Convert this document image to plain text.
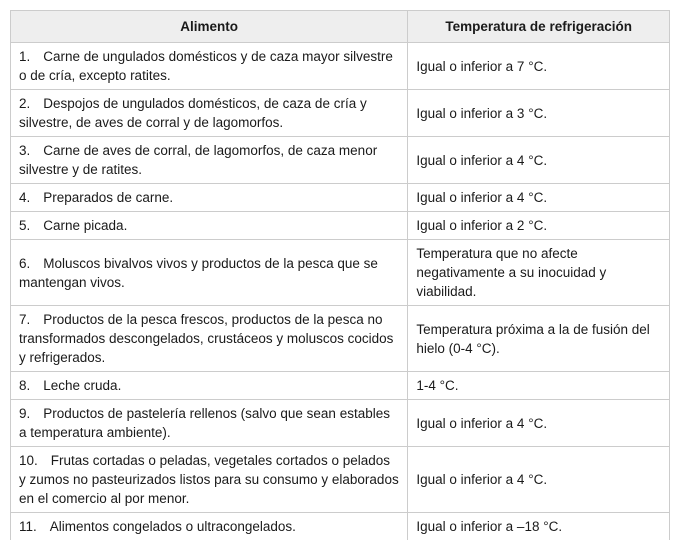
Alimento	Temperatura de refrigeración
1. Carne de ungulados domésticos y de caza mayor silvestre o de cría, excepto ratites.	Igual o inferior a 7 °C.
2. Despojos de ungulados domésticos, de caza de cría y silvestre, de aves de corral y de lagomorfos.	Igual o inferior a 3 °C.
3. Carne de aves de corral, de lagomorfos, de caza menor silvestre y de ratites.	Igual o inferior a 4 °C.
4. Preparados de carne.	Igual o inferior a 4 °C.
5. Carne picada.	Igual o inferior a 2 °C.
6. Moluscos bivalvos vivos y productos de la pesca que se mantengan vivos.	Temperatura que no afecte negativamente a su inocuidad y viabilidad.
7. Productos de la pesca frescos, productos de la pesca no transformados descongelados, crustáceos y moluscos cocidos y refrigerados.	Temperatura próxima a la de fusión del hielo (0-4 °C).
8. Leche cruda.	1-4 °C.
9. Productos de pastelería rellenos (salvo que sean estables a temperatura ambiente).	Igual o inferior a 4 °C.
10. Frutas cortadas o peladas, vegetales cortados o pelados y zumos no pasteurizados listos para su consumo y elaborados en el comercio al por menor.	Igual o inferior a 4 °C.
11. Alimentos congelados o ultracongelados.	Igual o inferior a –18 °C.
